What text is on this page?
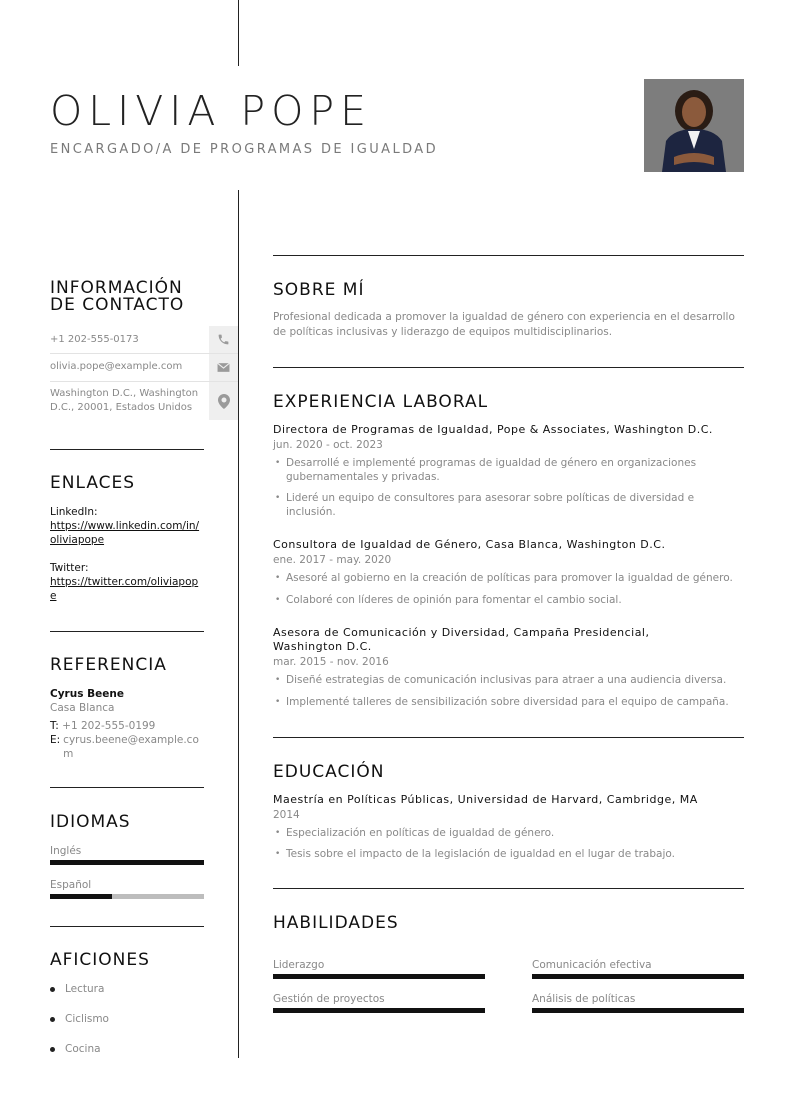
OLIVIA POPE
ENCARGADO/A DE PROGRAMAS DE IGUALDAD
INFORMACIÓN
DE CONTACTO
+1 202-555-0173
olivia.pope@example.com
Washington D.C., Washington D.C., 20001, Estados Unidos
ENLACES
LinkedIn:
https://www.linkedin.com/in/oliviapope
Twitter:
https://twitter.com/oliviapope
REFERENCIA
Cyrus Beene
Casa Blanca
T: +1 202-555-0199
E: cyrus.beene@example.com
IDIOMAS
Inglés
Español
AFICIONES
Lectura
Ciclismo
Cocina
SOBRE MÍ
Profesional dedicada a promover la igualdad de género con experiencia en el desarrollo de políticas inclusivas y liderazgo de equipos multidisciplinarios.
EXPERIENCIA LABORAL
Directora de Programas de Igualdad, Pope & Associates, Washington D.C.
jun. 2020 - oct. 2023
• Desarrollé e implementé programas de igualdad de género en organizaciones gubernamentales y privadas.
• Lideré un equipo de consultores para asesorar sobre políticas de diversidad e inclusión.
Consultora de Igualdad de Género, Casa Blanca, Washington D.C.
ene. 2017 - may. 2020
• Asesoré al gobierno en la creación de políticas para promover la igualdad de género.
• Colaboré con líderes de opinión para fomentar el cambio social.
Asesora de Comunicación y Diversidad, Campaña Presidencial, Washington D.C.
mar. 2015 - nov. 2016
• Diseñé estrategias de comunicación inclusivas para atraer a una audiencia diversa.
• Implementé talleres de sensibilización sobre diversidad para el equipo de campaña.
EDUCACIÓN
Maestría en Políticas Públicas, Universidad de Harvard, Cambridge, MA
2014
• Especialización en políticas de igualdad de género.
• Tesis sobre el impacto de la legislación de igualdad en el lugar de trabajo.
HABILIDADES
Liderazgo	Comunicación efectiva
Gestión de proyectos	Análisis de políticas
